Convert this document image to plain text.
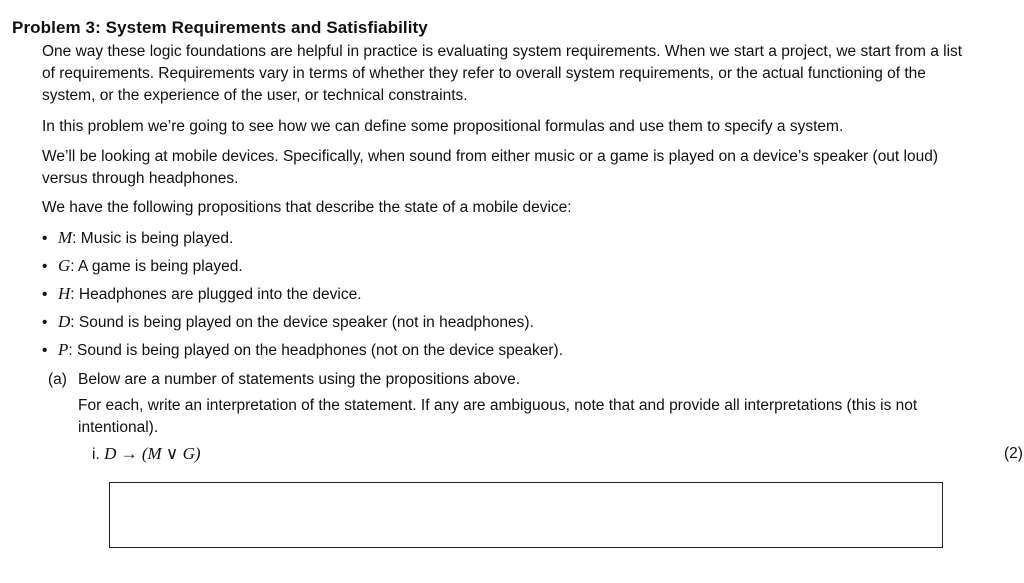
Problem 3: System Requirements and Satisfiability
One way these logic foundations are helpful in practice is evaluating system requirements. When we start a project, we start from a list of requirements. Requirements vary in terms of whether they refer to overall system requirements, or the actual functioning of the system, or the experience of the user, or technical constraints.
In this problem we’re going to see how we can define some propositional formulas and use them to specify a system.
We’ll be looking at mobile devices. Specifically, when sound from either music or a game is played on a device’s speaker (out loud) versus through headphones.
We have the following propositions that describe the state of a mobile device:
• M: Music is being played.
• G: A game is being played.
• H: Headphones are plugged into the device.
• D: Sound is being played on the device speaker (not in headphones).
• P: Sound is being played on the headphones (not on the device speaker).
(a) Below are a number of statements using the propositions above.
For each, write an interpretation of the statement. If any are ambiguous, note that and provide all interpretations (this is not intentional).
i. D → (M ∨ G)	(2)
